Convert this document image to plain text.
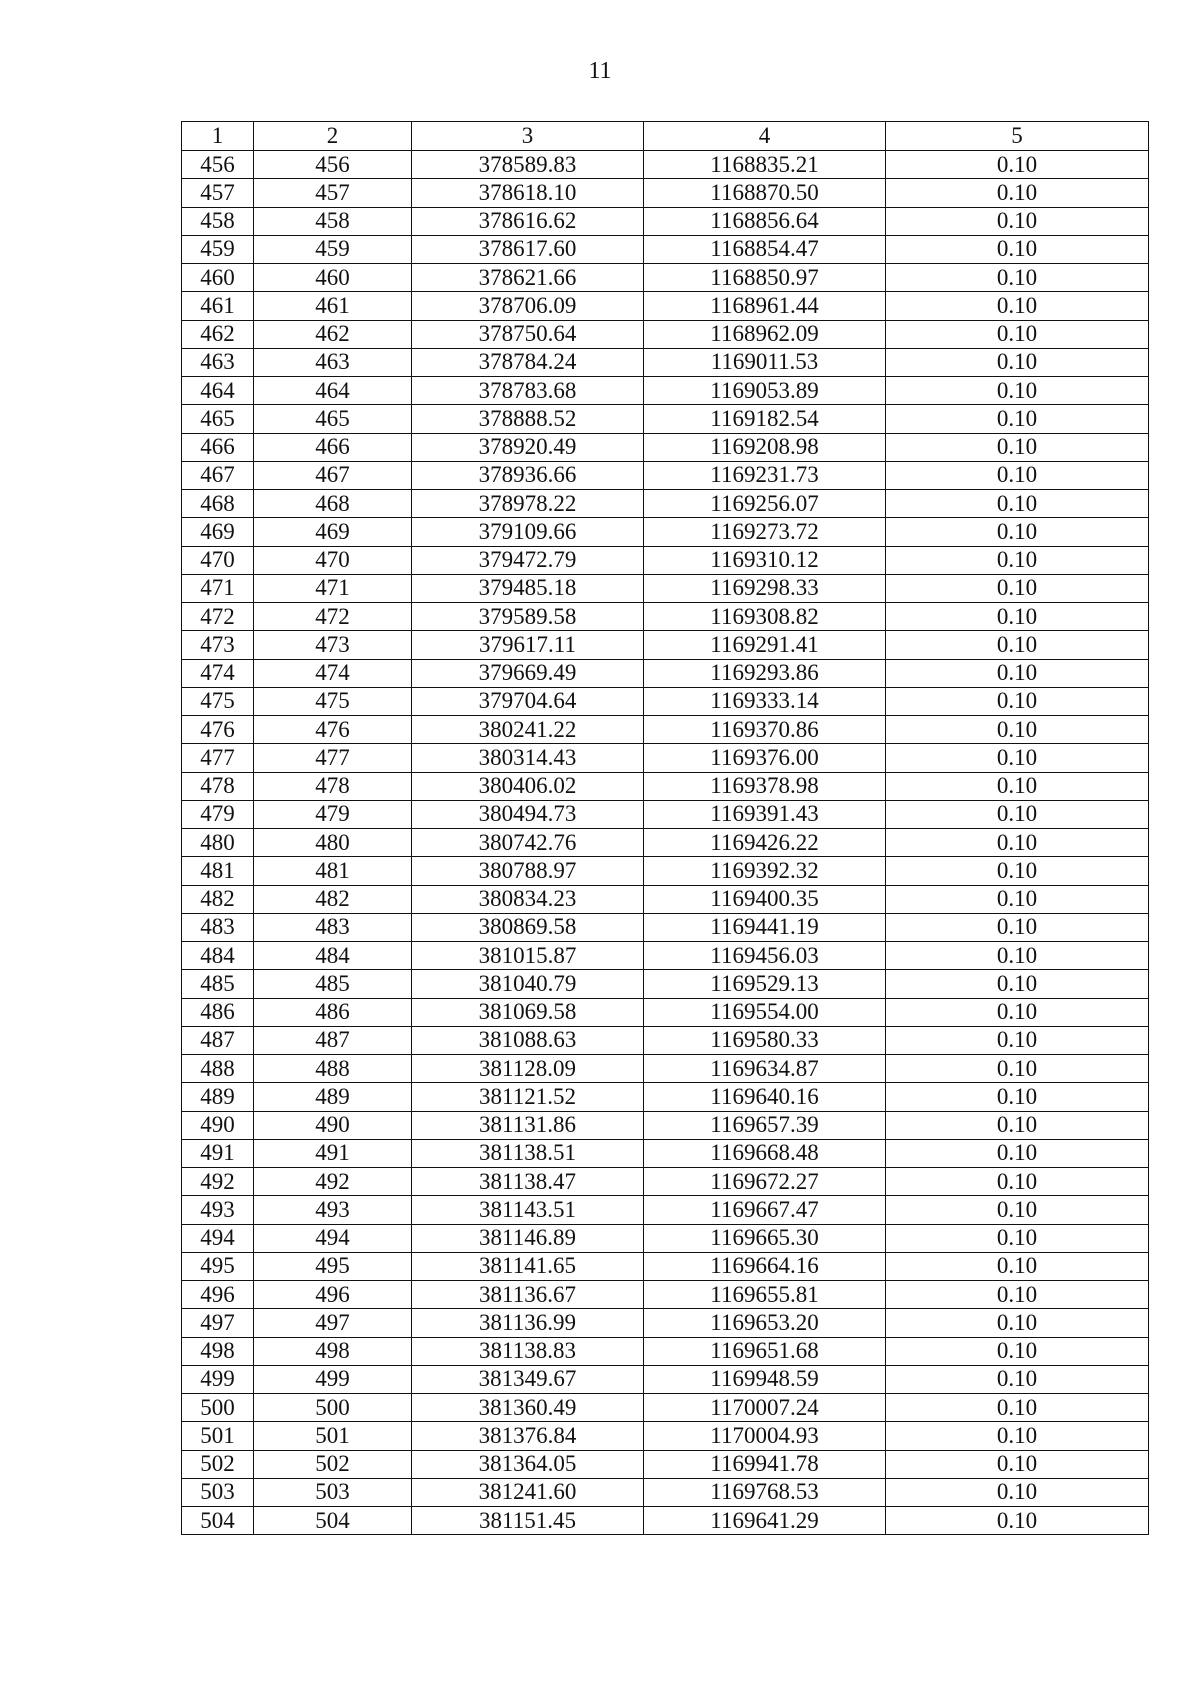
11
1	2	3	4	5
456	456	378589.83	1168835.21	0.10
457	457	378618.10	1168870.50	0.10
458	458	378616.62	1168856.64	0.10
459	459	378617.60	1168854.47	0.10
460	460	378621.66	1168850.97	0.10
461	461	378706.09	1168961.44	0.10
462	462	378750.64	1168962.09	0.10
463	463	378784.24	1169011.53	0.10
464	464	378783.68	1169053.89	0.10
465	465	378888.52	1169182.54	0.10
466	466	378920.49	1169208.98	0.10
467	467	378936.66	1169231.73	0.10
468	468	378978.22	1169256.07	0.10
469	469	379109.66	1169273.72	0.10
470	470	379472.79	1169310.12	0.10
471	471	379485.18	1169298.33	0.10
472	472	379589.58	1169308.82	0.10
473	473	379617.11	1169291.41	0.10
474	474	379669.49	1169293.86	0.10
475	475	379704.64	1169333.14	0.10
476	476	380241.22	1169370.86	0.10
477	477	380314.43	1169376.00	0.10
478	478	380406.02	1169378.98	0.10
479	479	380494.73	1169391.43	0.10
480	480	380742.76	1169426.22	0.10
481	481	380788.97	1169392.32	0.10
482	482	380834.23	1169400.35	0.10
483	483	380869.58	1169441.19	0.10
484	484	381015.87	1169456.03	0.10
485	485	381040.79	1169529.13	0.10
486	486	381069.58	1169554.00	0.10
487	487	381088.63	1169580.33	0.10
488	488	381128.09	1169634.87	0.10
489	489	381121.52	1169640.16	0.10
490	490	381131.86	1169657.39	0.10
491	491	381138.51	1169668.48	0.10
492	492	381138.47	1169672.27	0.10
493	493	381143.51	1169667.47	0.10
494	494	381146.89	1169665.30	0.10
495	495	381141.65	1169664.16	0.10
496	496	381136.67	1169655.81	0.10
497	497	381136.99	1169653.20	0.10
498	498	381138.83	1169651.68	0.10
499	499	381349.67	1169948.59	0.10
500	500	381360.49	1170007.24	0.10
501	501	381376.84	1170004.93	0.10
502	502	381364.05	1169941.78	0.10
503	503	381241.60	1169768.53	0.10
504	504	381151.45	1169641.29	0.10
